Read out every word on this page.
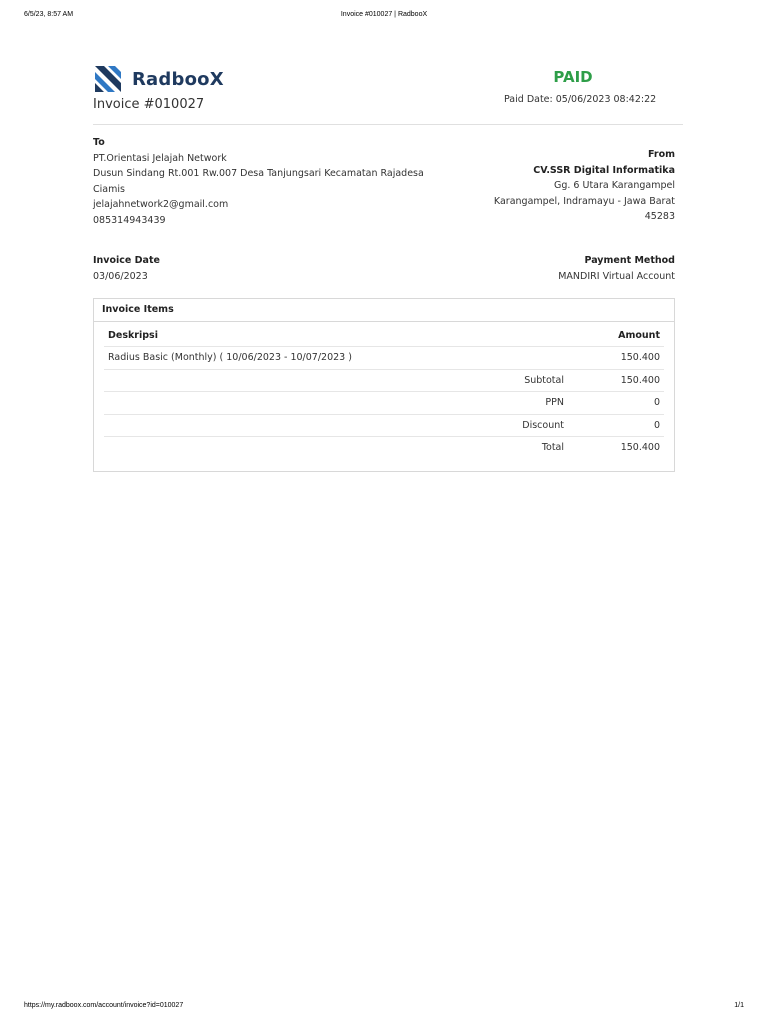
6/5/23, 8:57 AM	Invoice #010027 | RadbooX
RadbooX
Invoice #010027
PAID
Paid Date: 05/06/2023 08:42:22
To
PT.Orientasi Jelajah Network
Dusun Sindang Rt.001 Rw.007 Desa Tanjungsari Kecamatan Rajadesa
Ciamis
jelajahnetwork2@gmail.com
085314943439
From
CV.SSR Digital Informatika
Gg. 6 Utara Karangampel
Karangampel, Indramayu - Jawa Barat
45283
Invoice Date
03/06/2023
Payment Method
MANDIRI Virtual Account
Invoice Items
Deskripsi		Amount
Radius Basic (Monthly) ( 10/06/2023 - 10/07/2023 )		150.400
	Subtotal	150.400
	PPN	0
	Discount	0
	Total	150.400
https://my.radboox.com/account/invoice?id=010027	1/1
